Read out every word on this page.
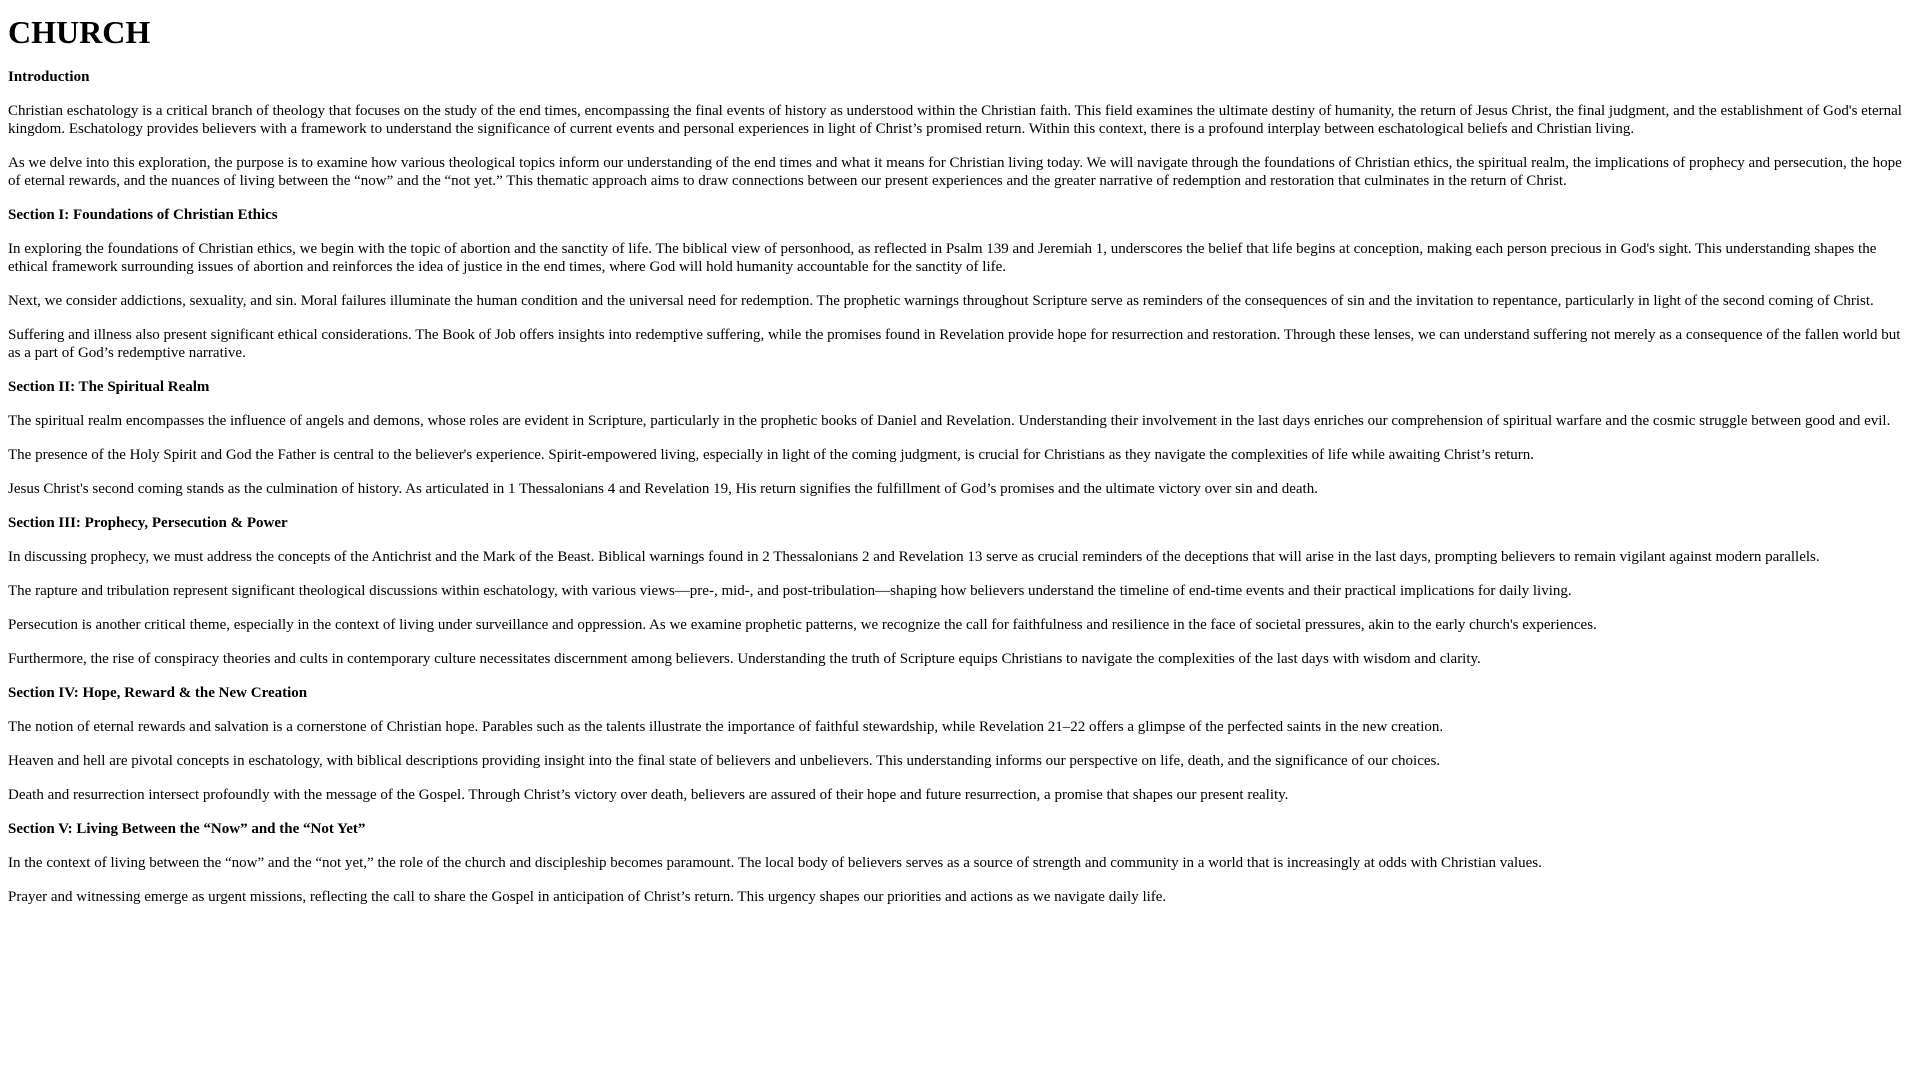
CHURCH
Introduction

Christian eschatology is a critical branch of theology that focuses on the study of the end times, encompassing the final events of history as understood within the Christian faith. This field examines the ultimate destiny of humanity, the return of Jesus Christ, the final judgment, and the establishment of God's eternal kingdom. Eschatology provides believers with a framework to understand the significance of current events and personal experiences in light of Christ’s promised return. Within this context, there is a profound interplay between eschatological beliefs and Christian living.

As we delve into this exploration, the purpose is to examine how various theological topics inform our understanding of the end times and what it means for Christian living today. We will navigate through the foundations of Christian ethics, the spiritual realm, the implications of prophecy and persecution, the hope of eternal rewards, and the nuances of living between the “now” and the “not yet.” This thematic approach aims to draw connections between our present experiences and the greater narrative of redemption and restoration that culminates in the return of Christ.

Section I: Foundations of Christian Ethics

In exploring the foundations of Christian ethics, we begin with the topic of abortion and the sanctity of life. The biblical view of personhood, as reflected in Psalm 139 and Jeremiah 1, underscores the belief that life begins at conception, making each person precious in God's sight. This understanding shapes the ethical framework surrounding issues of abortion and reinforces the idea of justice in the end times, where God will hold humanity accountable for the sanctity of life.

Next, we consider addictions, sexuality, and sin. Moral failures illuminate the human condition and the universal need for redemption. The prophetic warnings throughout Scripture serve as reminders of the consequences of sin and the invitation to repentance, particularly in light of the second coming of Christ.

Suffering and illness also present significant ethical considerations. The Book of Job offers insights into redemptive suffering, while the promises found in Revelation provide hope for resurrection and restoration. Through these lenses, we can understand suffering not merely as a consequence of the fallen world but as a part of God’s redemptive narrative.

Section II: The Spiritual Realm

The spiritual realm encompasses the influence of angels and demons, whose roles are evident in Scripture, particularly in the prophetic books of Daniel and Revelation. Understanding their involvement in the last days enriches our comprehension of spiritual warfare and the cosmic struggle between good and evil.

The presence of the Holy Spirit and God the Father is central to the believer's experience. Spirit-empowered living, especially in light of the coming judgment, is crucial for Christians as they navigate the complexities of life while awaiting Christ’s return.

Jesus Christ's second coming stands as the culmination of history. As articulated in 1 Thessalonians 4 and Revelation 19, His return signifies the fulfillment of God’s promises and the ultimate victory over sin and death.

Section III: Prophecy, Persecution & Power

In discussing prophecy, we must address the concepts of the Antichrist and the Mark of the Beast. Biblical warnings found in 2 Thessalonians 2 and Revelation 13 serve as crucial reminders of the deceptions that will arise in the last days, prompting believers to remain vigilant against modern parallels.

The rapture and tribulation represent significant theological discussions within eschatology, with various views—pre-, mid-, and post-tribulation—shaping how believers understand the timeline of end-time events and their practical implications for daily living.

Persecution is another critical theme, especially in the context of living under surveillance and oppression. As we examine prophetic patterns, we recognize the call for faithfulness and resilience in the face of societal pressures, akin to the early church's experiences.

Furthermore, the rise of conspiracy theories and cults in contemporary culture necessitates discernment among believers. Understanding the truth of Scripture equips Christians to navigate the complexities of the last days with wisdom and clarity.

Section IV: Hope, Reward & the New Creation

The notion of eternal rewards and salvation is a cornerstone of Christian hope. Parables such as the talents illustrate the importance of faithful stewardship, while Revelation 21–22 offers a glimpse of the perfected saints in the new creation.

Heaven and hell are pivotal concepts in eschatology, with biblical descriptions providing insight into the final state of believers and unbelievers. This understanding informs our perspective on life, death, and the significance of our choices.

Death and resurrection intersect profoundly with the message of the Gospel. Through Christ’s victory over death, believers are assured of their hope and future resurrection, a promise that shapes our present reality.

Section V: Living Between the “Now” and the “Not Yet”

In the context of living between the “now” and the “not yet,” the role of the church and discipleship becomes paramount. The local body of believers serves as a source of strength and community in a world that is increasingly at odds with Christian values.

Prayer and witnessing emerge as urgent missions, reflecting the call to share the Gospel in anticipation of Christ’s return. This urgency shapes our priorities and actions as we navigate daily life.
